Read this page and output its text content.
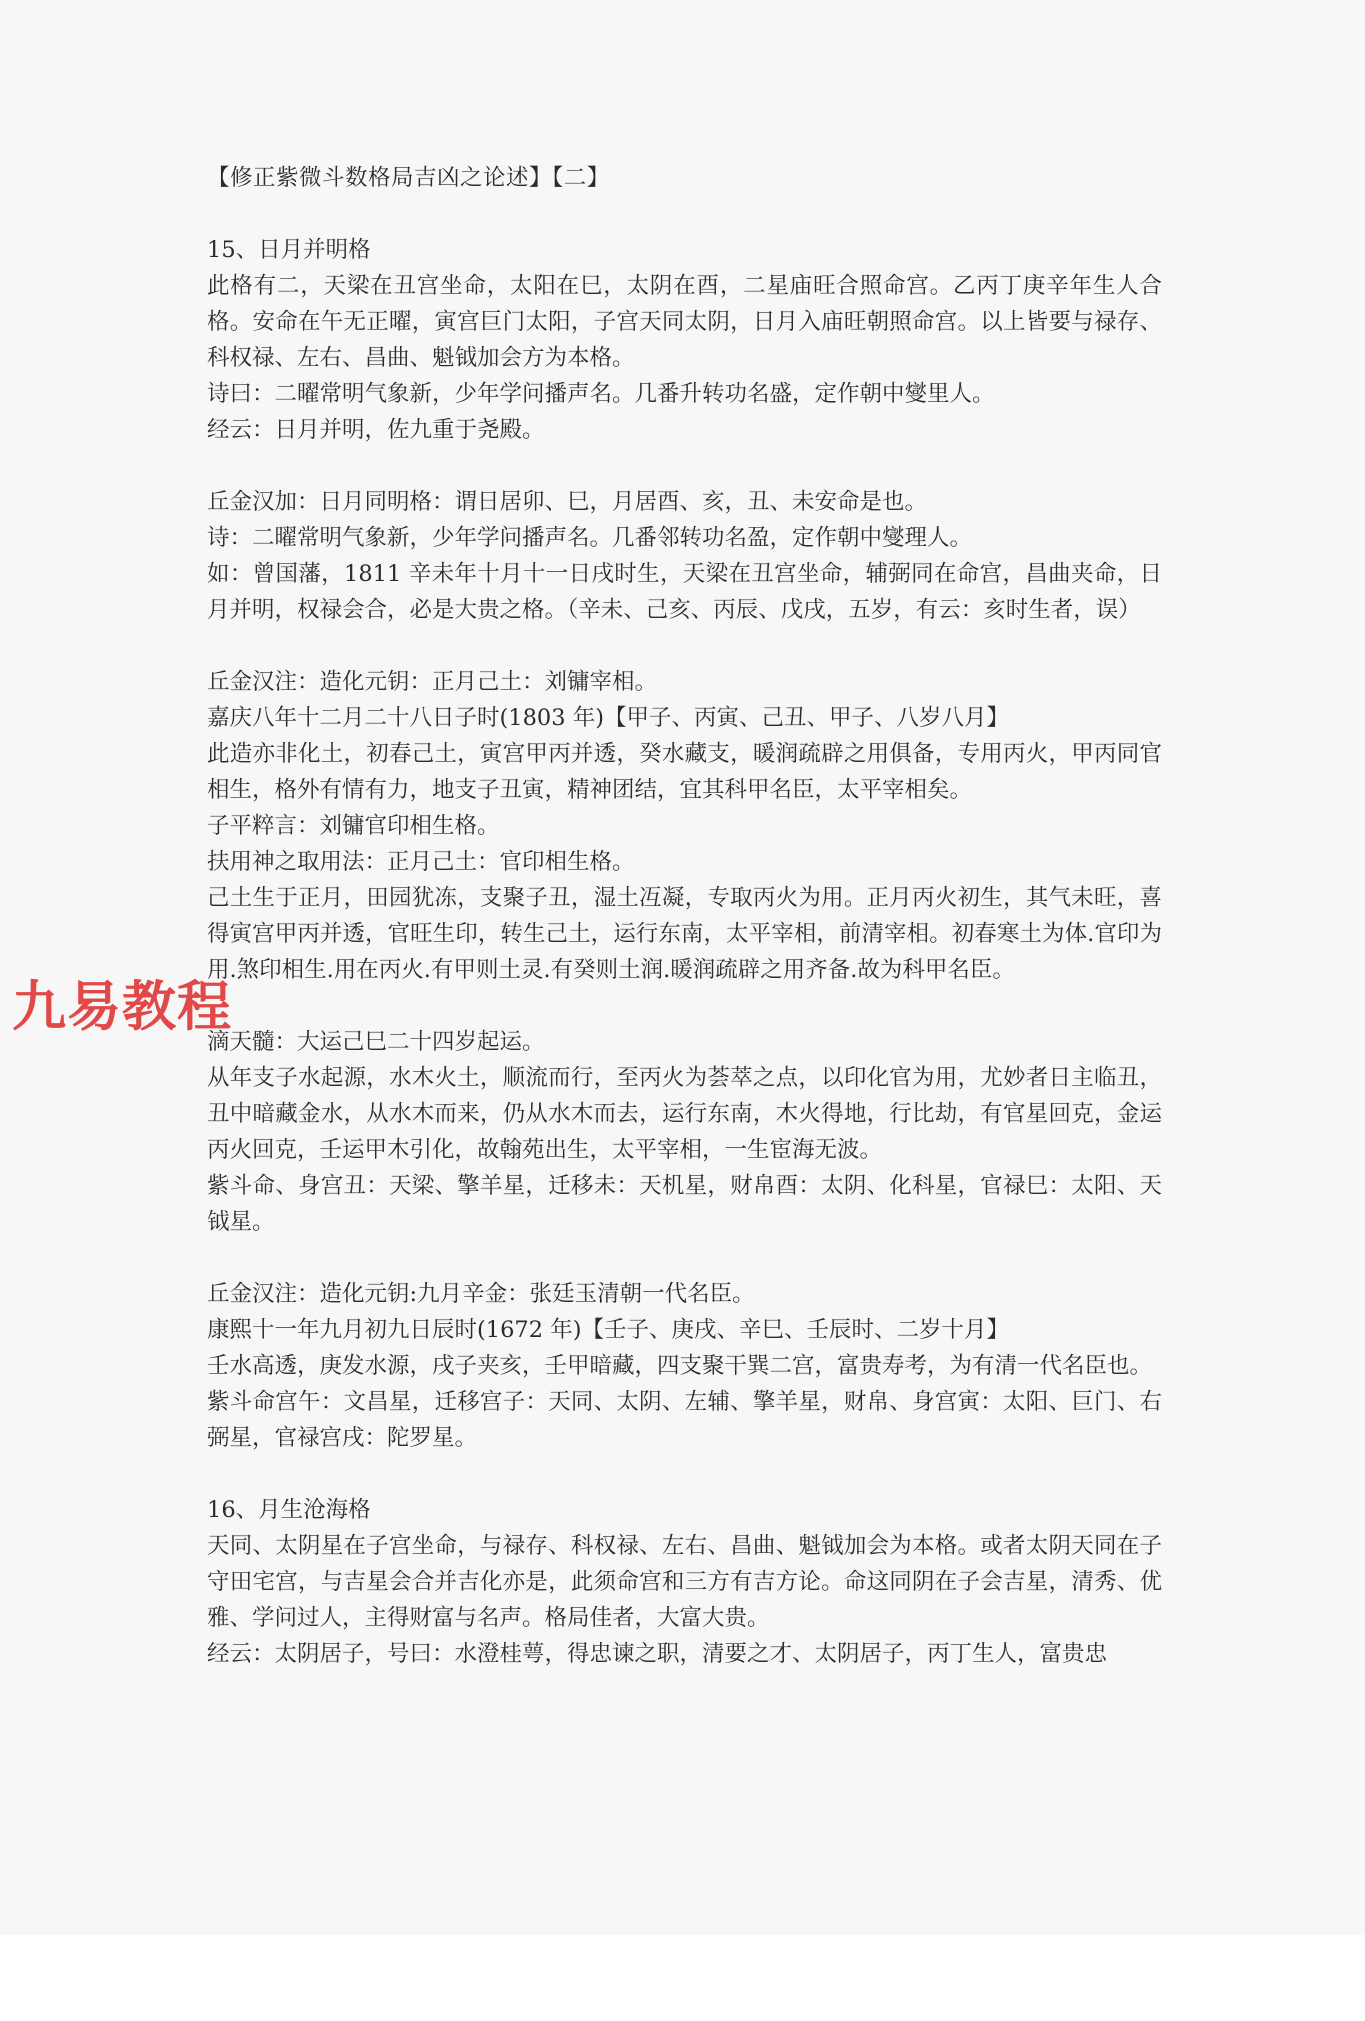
【修正紫微斗数格局吉凶之论述】【二】

15、日月并明格

此格有二，天梁在丑宫坐命，太阳在巳，太阴在酉，二星庙旺合照命宫。乙丙丁庚辛年生人合格。安命在午无正曜，寅宫巨门太阳，子宫天同太阴，日月入庙旺朝照命宫。以上皆要与禄存、科权禄、左右、昌曲、魁钺加会方为本格。

诗曰：二曜常明气象新，少年学问播声名。几番升转功名盛，定作朝中燮里人。

经云：日月并明，佐九重于尧殿。

丘金汉加：日月同明格：谓日居卯、巳，月居酉、亥，丑、未安命是也。

诗：二曜常明气象新，少年学问播声名。几番邻转功名盈，定作朝中燮理人。

如：曾国藩，1811 辛未年十月十一日戌时生，天梁在丑宫坐命，辅弼同在命宫，昌曲夹命，日月并明，权禄会合，必是大贵之格。（辛未、己亥、丙辰、戊戌，五岁，有云：亥时生者，误）

丘金汉注：造化元钥：正月己土：刘镛宰相。

嘉庆八年十二月二十八日子时(1803 年)【甲子、丙寅、己丑、甲子、八岁八月】

此造亦非化土，初春己土，寅宫甲丙并透，癸水藏支，暖润疏辟之用俱备，专用丙火，甲丙同官相生，格外有情有力，地支子丑寅，精神团结，宜其科甲名臣，太平宰相矣。

子平粹言：刘镛官印相生格。

扶用神之取用法：正月己土：官印相生格。

己土生于正月，田园犹冻，支聚子丑，湿土冱凝，专取丙火为用。正月丙火初生，其气未旺，喜得寅宫甲丙并透，官旺生印，转生己土，运行东南，太平宰相，前清宰相。初春寒土为体.官印为用.煞印相生.用在丙火.有甲则土灵.有癸则土润.暖润疏辟之用齐备.故为科甲名臣。

滴天髓：大运己巳二十四岁起运。

从年支子水起源，水木火土，顺流而行，至丙火为荟萃之点，以印化官为用，尤妙者日主临丑，丑中暗藏金水，从水木而来，仍从水木而去，运行东南，木火得地，行比劫，有官星回克，金运丙火回克，壬运甲木引化，故翰苑出生，太平宰相，一生宦海无波。

紫斗命、身宫丑：天梁、擎羊星，迁移未：天机星，财帛酉：太阴、化科星，官禄巳：太阳、天钺星。

丘金汉注：造化元钥:九月辛金：张廷玉清朝一代名臣。

康熙十一年九月初九日辰时(1672 年)【壬子、庚戌、辛巳、壬辰时、二岁十月】

壬水高透，庚发水源，戌子夹亥，壬甲暗藏，四支聚干巽二宫，富贵寿考，为有清一代名臣也。

紫斗命宫午：文昌星，迁移宫子：天同、太阴、左辅、擎羊星，财帛、身宫寅：太阳、巨门、右弼星，官禄宫戌：陀罗星。

16、月生沧海格

天同、太阴星在子宫坐命，与禄存、科权禄、左右、昌曲、魁钺加会为本格。或者太阴天同在子守田宅宫，与吉星会合并吉化亦是，此须命宫和三方有吉方论。命这同阴在子会吉星，清秀、优雅、学问过人，主得财富与名声。格局佳者，大富大贵。

经云：太阴居子，号曰：水澄桂萼，得忠谏之职，清要之才、太阴居子，丙丁生人，富贵忠

九易教程
